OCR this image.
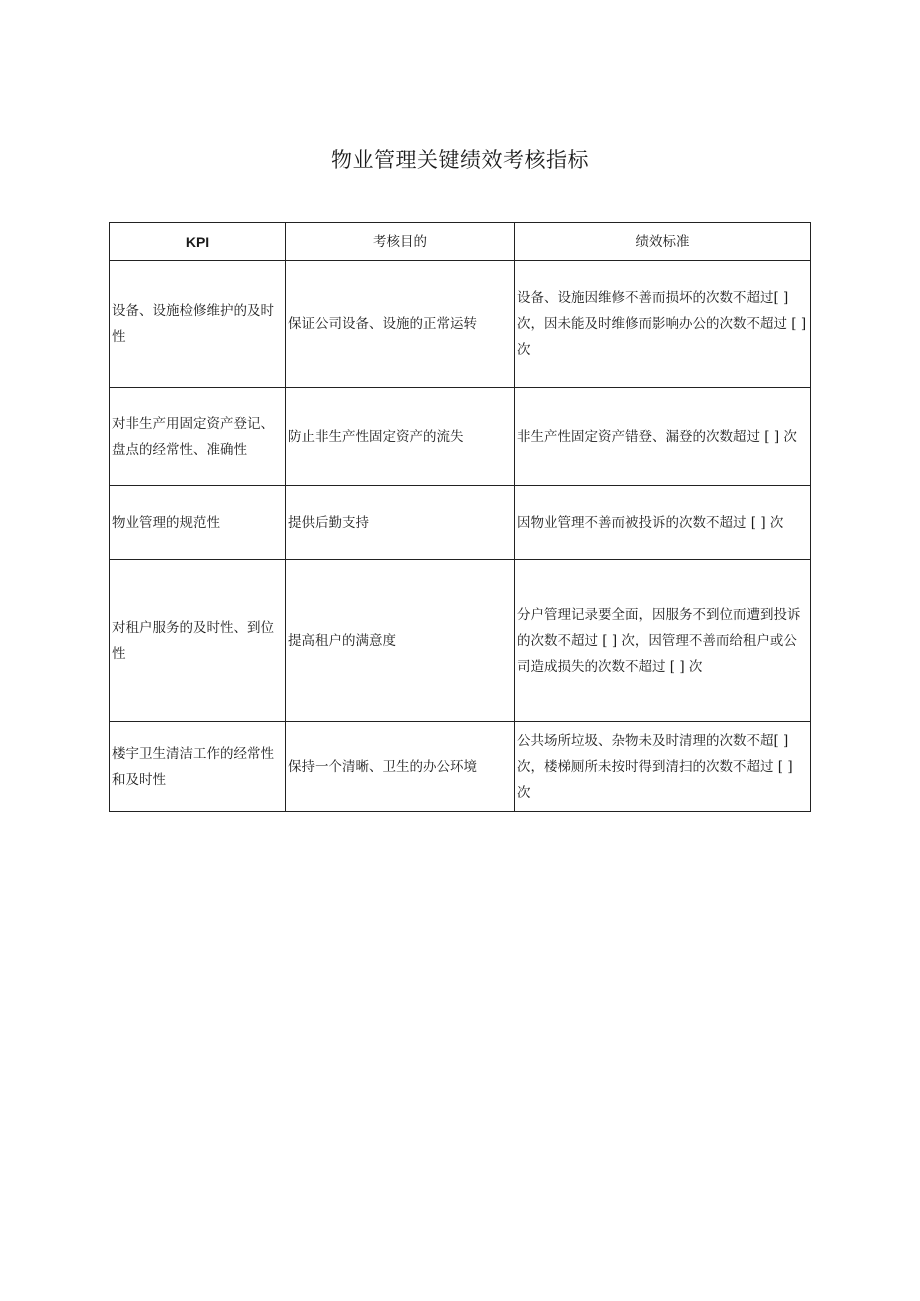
物业管理关键绩效考核指标
KPI	考核目的	绩效标准
设备、设施检修维护的及时性	保证公司设备、设施的正常运转	设备、设施因维修不善而损坏的次数不超过[ ]次，因未能及时维修而影响办公的次数不超过 [ ] 次
对非生产用固定资产登记、盘点的经常性、准确性	防止非生产性固定资产的流失	非生产性固定资产错登、漏登的次数超过 [ ] 次
物业管理的规范性	提供后勤支持	因物业管理不善而被投诉的次数不超过 [ ] 次
对租户服务的及时性、到位性	提高租户的满意度	分户管理记录要全面，因服务不到位而遭到投诉的次数不超过 [ ] 次，因管理不善而给租户或公司造成损失的次数不超过 [ ] 次
楼宇卫生清洁工作的经常性和及时性	保持一个清晰、卫生的办公环境	公共场所垃圾、杂物未及时清理的次数不超[ ] 次，楼梯厕所未按时得到清扫的次数不超过 [ ] 次
